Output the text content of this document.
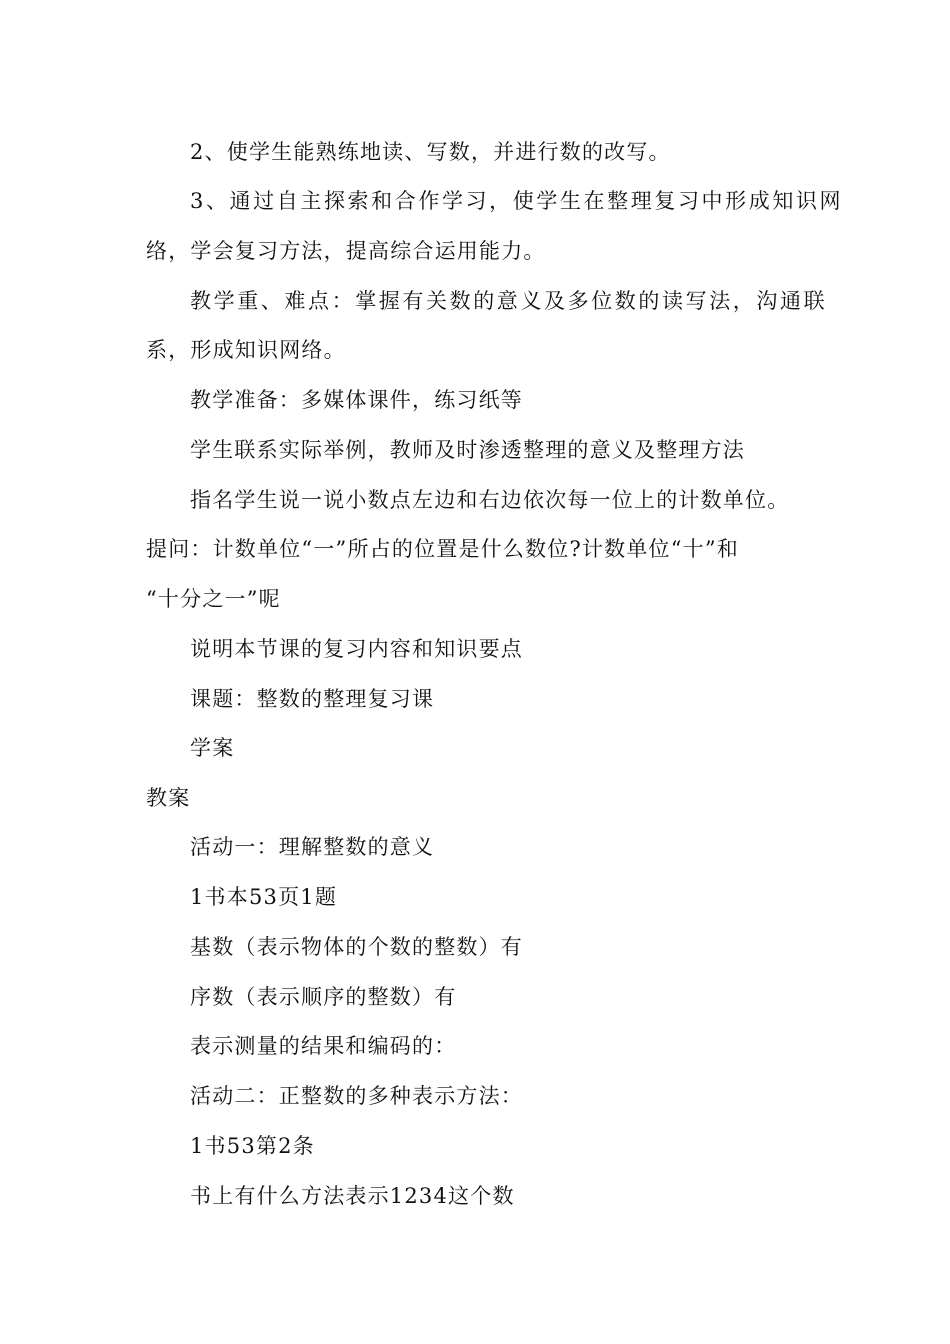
2、使学生能熟练地读、写数，并进行数的改写。
3、通过自主探索和合作学习，使学生在整理复习中形成知识网
络，学会复习方法，提高综合运用能力。
教学重、难点：掌握有关数的意义及多位数的读写法，沟通联
系，形成知识网络。
教学准备：多媒体课件，练习纸等
学生联系实际举例，教师及时渗透整理的意义及整理方法
指名学生说一说小数点左边和右边依次每一位上的计数单位。
提问：计数单位“一”所占的位置是什么数位?计数单位“十”和
“十分之一”呢
说明本节课的复习内容和知识要点
课题：整数的整理复习课
学案
教案
活动一：理解整数的意义
1书本53页1题
基数（表示物体的个数的整数）有
序数（表示顺序的整数）有
表示测量的结果和编码的：
活动二：正整数的多种表示方法：
1书53第2条
书上有什么方法表示1234这个数
